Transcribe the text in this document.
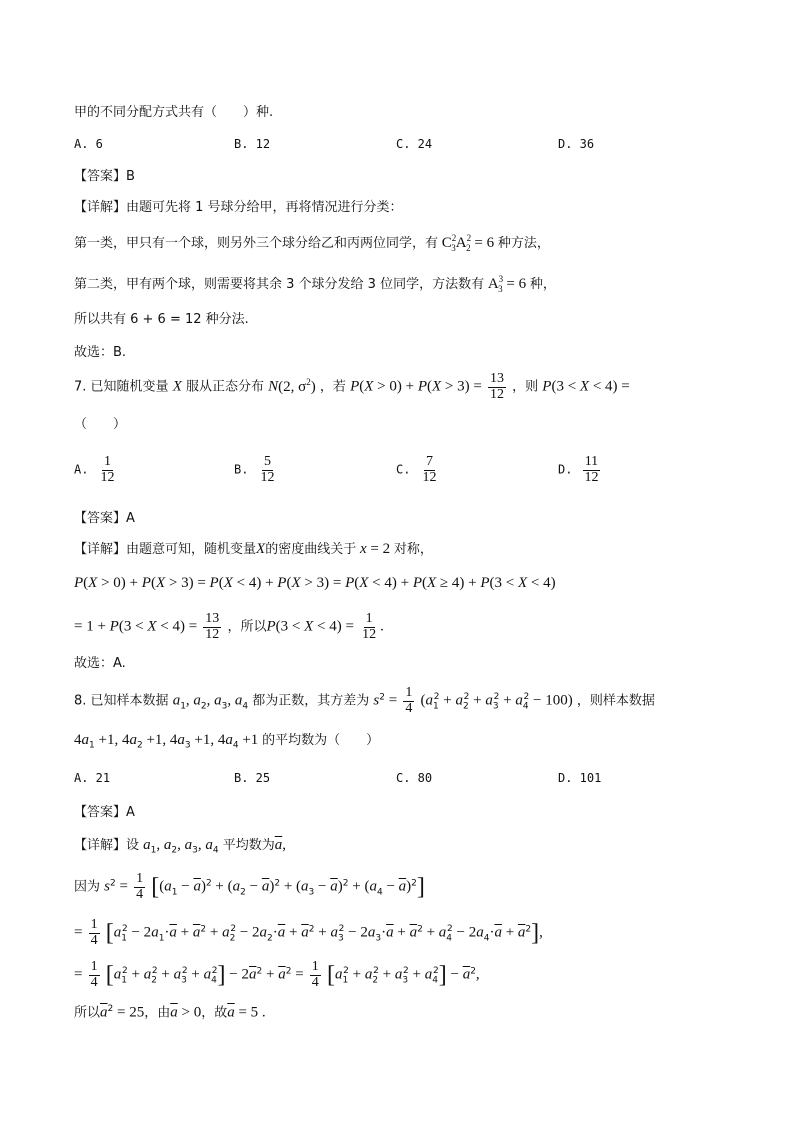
甲的不同分配方式共有（　　）种.
A. 6	B. 12	C. 24	D. 36
【答案】B
【详解】由题可先将 1 号球分给甲，再将情况进行分类：
第一类，甲只有一个球，则另外三个球分给乙和丙两位同学，有 $C^2_3A^2_2 = 6$ 种方法，
第二类，甲有两个球，则需要将其余 3 个球分发给 3 位同学，方法数有 $A^3_3 = 6$ 种，
所以共有 6 + 6 = 12 种分法.
故选：B.
7. 已知随机变量 X 服从正态分布 N(2, $\sigma^2$) ，若 $P(X > 0) + P(X > 3) = \frac{13}{12}$ ，则 P(3 < X < 4) =
（　　）
A. $\frac{1}{12}$	B. $\frac{5}{12}$	C. $\frac{7}{12}$	D. $\frac{11}{12}$
【答案】A
【详解】由题意可知，随机变量X的密度曲线关于 x = 2 对称，
P(X > 0) + P(X > 3) = P(X < 4) + P(X > 3) = P(X < 4) + P(X ≥ 4) + P(3 < X < 4)
= $1 + P(3 < X < 4) = \frac{13}{12}$ ，所以$P(3 < X < 4) = \frac{1}{12}$ .
故选：A.
8. 已知样本数据 $a_1$, $a_2$, $a_3$, $a_4$ 都为正数，其方差为 $s^2 = \frac{1}{4} (a_1^2 + a_2^2 + a_3^2 + a_4^2 - 100)$ ，则样本数据
$4a_1 +1$, $4a_2 +1$, $4a_3 +1$, $4a_4 +1$ 的平均数为（　　）
A. 21	B. 25	C. 80	D. 101
【答案】A
【详解】设 $a_1$, $a_2$, $a_3$, $a_4$ 平均数为$\overline{a}$,
因为 $s^2 = \frac{1}{4} [(a_1 - \overline{a})^2 + (a_2 - \overline{a})^2 + (a_3 - \overline{a})^2 + (a_4 - \overline{a})^2]$
= $\frac{1}{4} [a_1^2 - 2a_1\cdot\overline{a} + \overline{a}^2 + a_2^2 - 2a_2\cdot\overline{a} + \overline{a}^2 + a_3^2 - 2a_3\cdot\overline{a} + \overline{a}^2 + a_4^2 - 2a_4\cdot\overline{a} + \overline{a}^2]$,
= $\frac{1}{4} [a_1^2 + a_2^2 + a_3^2 + a_4^2] - 2\overline{a}^2 + \overline{a}^2 = \frac{1}{4} [a_1^2 + a_2^2 + a_3^2 + a_4^2] - \overline{a}^2$,
所以$\overline{a}^2 = 25$，由$\overline{a} > 0$，故$\overline{a} = 5$ .
